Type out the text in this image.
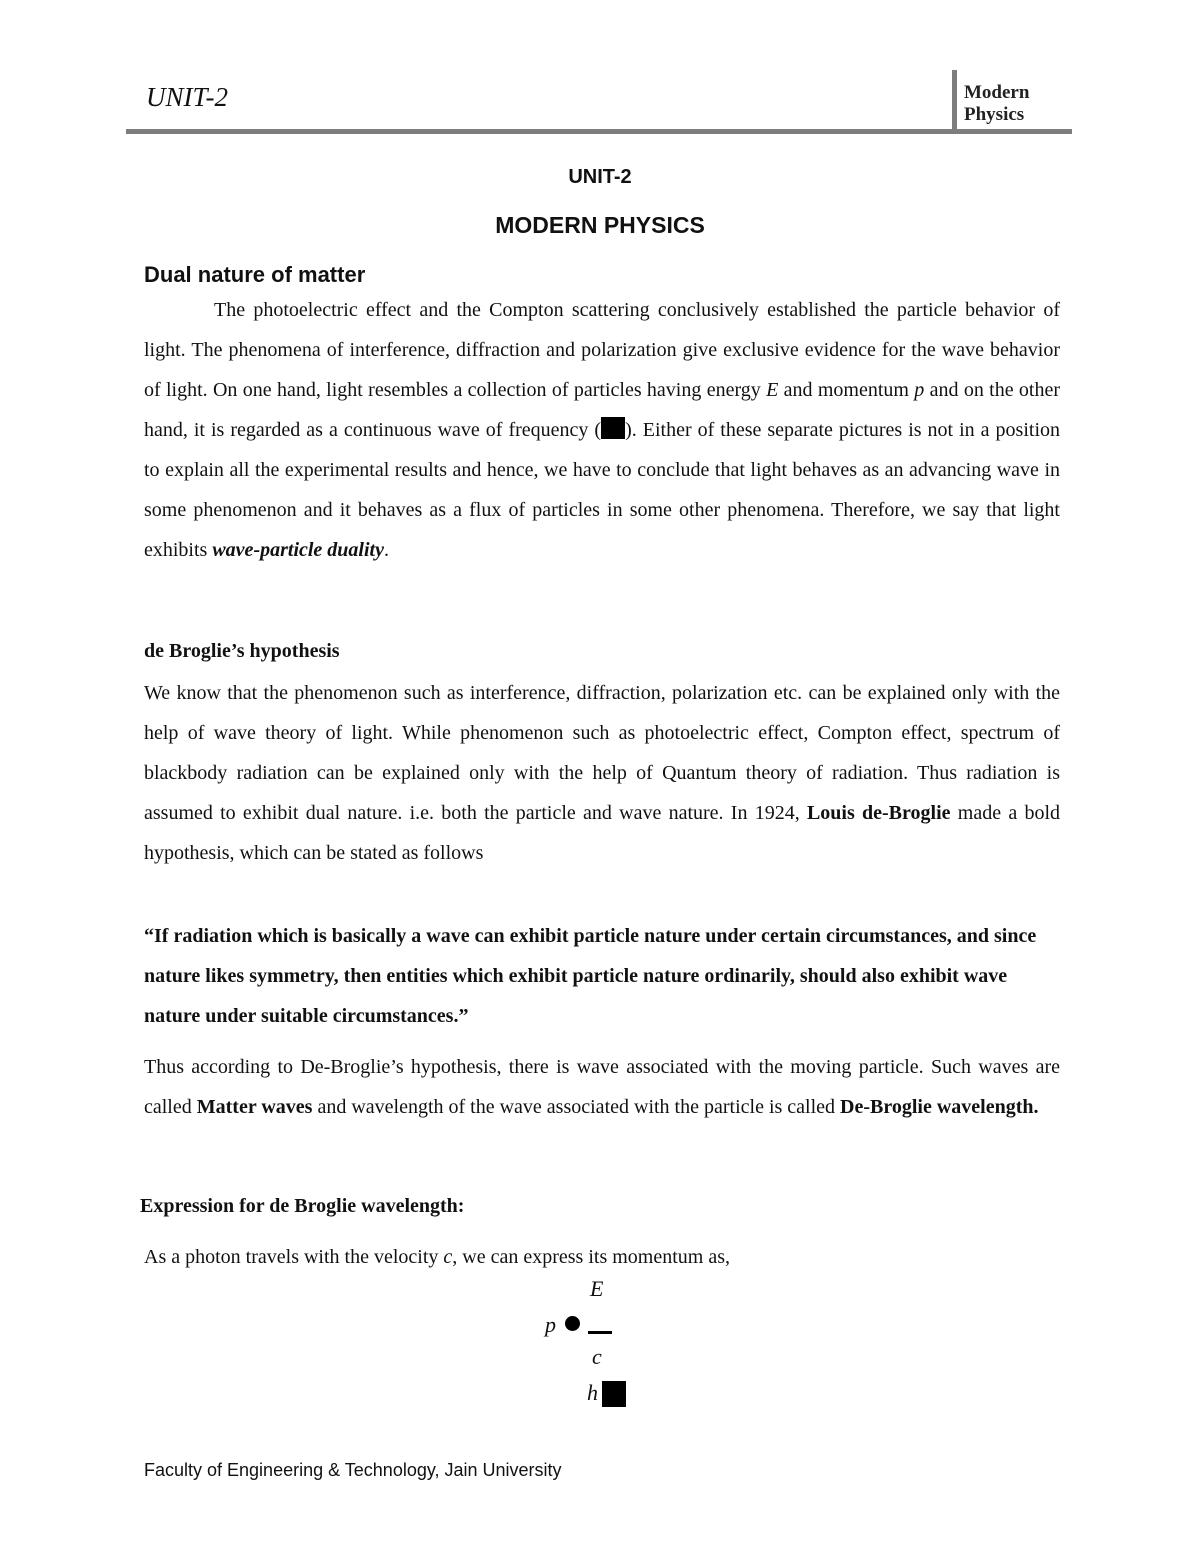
UNIT-2	Modern
Physics
UNIT-2
MODERN PHYSICS
Dual nature of matter

The photoelectric effect and the Compton scattering conclusively established the particle behavior of light. The phenomena of interference, diffraction and polarization give exclusive evidence for the wave behavior of light. On one hand, light resembles a collection of particles having energy E and momentum p and on the other hand, it is regarded as a continuous wave of frequency ( ). Either of these separate pictures is not in a position to explain all the experimental results and hence, we have to conclude that light behaves as an advancing wave in some phenomenon and it behaves as a flux of particles in some other phenomena. Therefore, we say that light exhibits wave-particle duality.

de Broglie’s hypothesis

We know that the phenomenon such as interference, diffraction, polarization etc. can be explained only with the help of wave theory of light. While phenomenon such as photoelectric effect, Compton effect, spectrum of blackbody radiation can be explained only with the help of Quantum theory of radiation. Thus radiation is assumed to exhibit dual nature. i.e. both the particle and wave nature. In 1924, Louis de-Broglie made a bold hypothesis, which can be stated as follows

“If radiation which is basically a wave can exhibit particle nature under certain circumstances, and since nature likes symmetry, then entities which exhibit particle nature ordinarily, should also exhibit wave nature under suitable circumstances.”

Thus according to De-Broglie’s hypothesis, there is wave associated with the moving particle. Such waves are called Matter waves and wavelength of the wave associated with the particle is called De-Broglie wavelength.

Expression for de Broglie wavelength:
As a photon travels with the velocity c, we can express its momentum as,
E
p
c
h
Faculty of Engineering & Technology, Jain University
